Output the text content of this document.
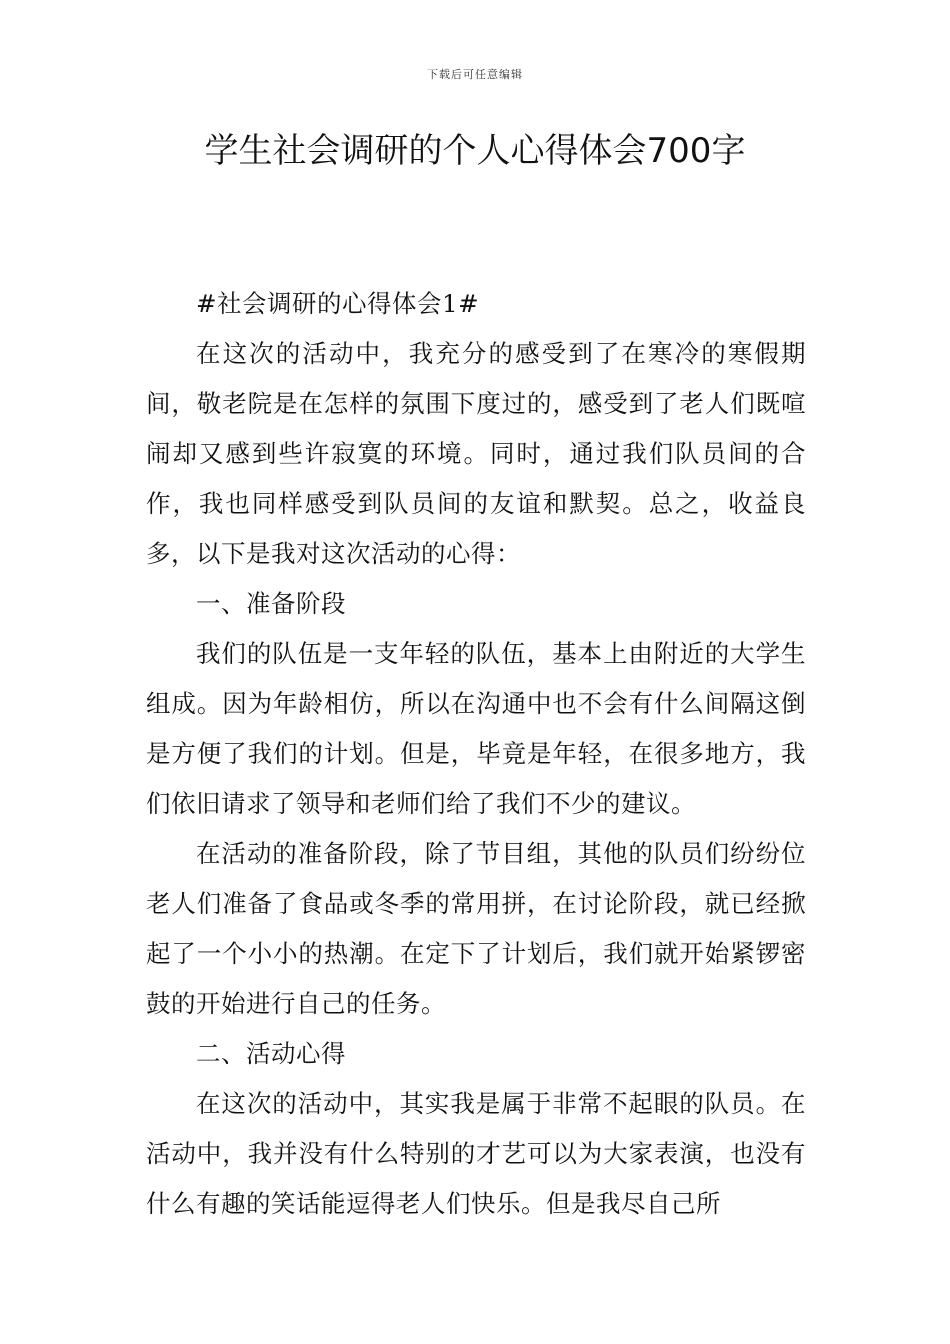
下载后可任意编辑
学生社会调研的个人心得体会700字

#社会调研的心得体会1#

在这次的活动中，我充分的感受到了在寒冷的寒假期间，敬老院是在怎样的氛围下度过的，感受到了老人们既喧闹却又感到些许寂寞的环境。同时，通过我们队员间的合作，我也同样感受到队员间的友谊和默契。总之，收益良多，以下是我对这次活动的心得：

一、准备阶段

我们的队伍是一支年轻的队伍，基本上由附近的大学生组成。因为年龄相仿，所以在沟通中也不会有什么间隔这倒是方便了我们的计划。但是，毕竟是年轻，在很多地方，我们依旧请求了领导和老师们给了我们不少的建议。

在活动的准备阶段，除了节目组，其他的队员们纷纷位老人们准备了食品或冬季的常用拼，在讨论阶段，就已经掀起了一个小小的热潮。在定下了计划后，我们就开始紧锣密鼓的开始进行自己的任务。

二、活动心得

在这次的活动中，其实我是属于非常不起眼的队员。在活动中，我并没有什么特别的才艺可以为大家表演，也没有什么有趣的笑话能逗得老人们快乐。但是我尽自己所
